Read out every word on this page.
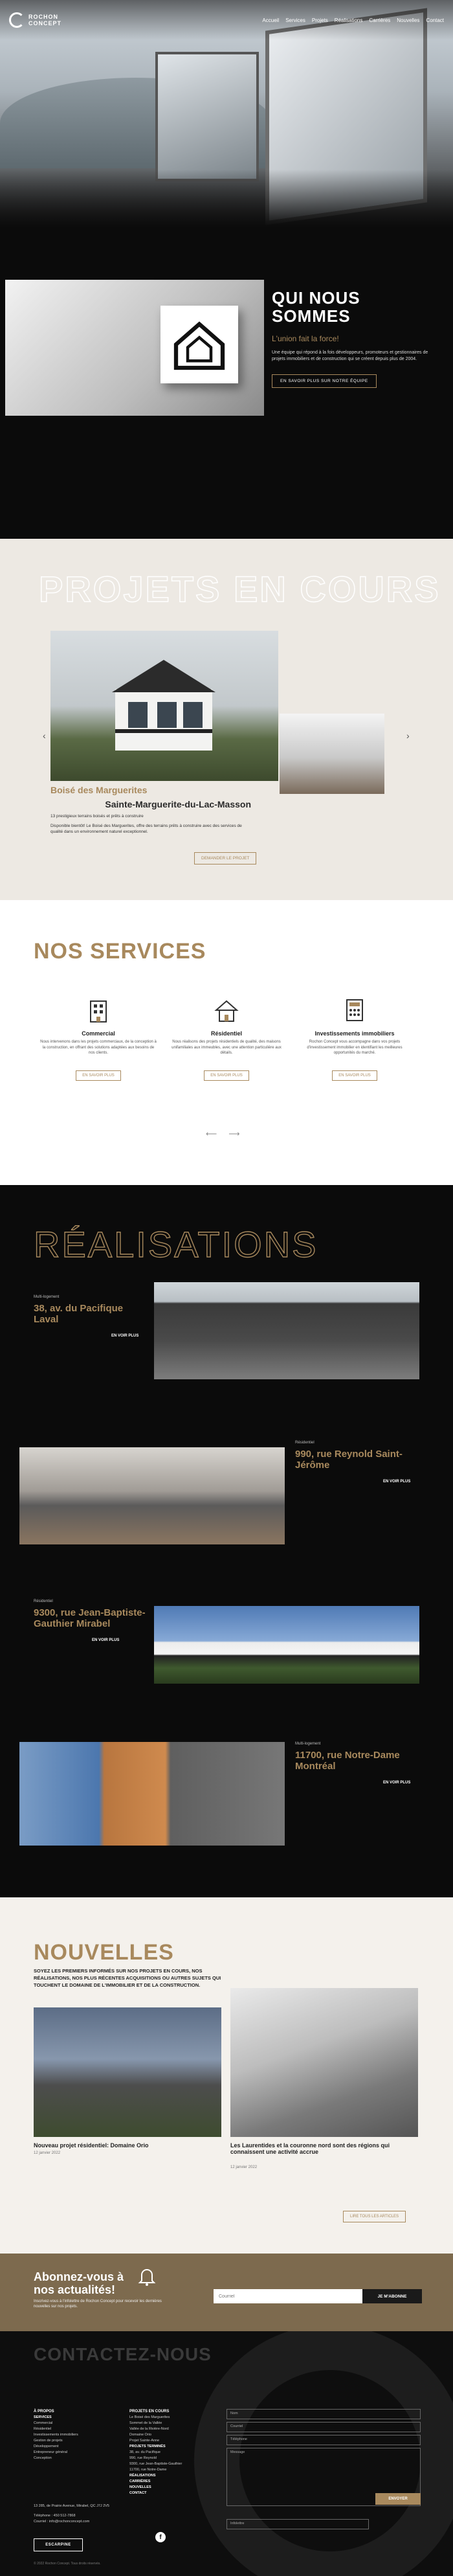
ROCHON
CONCEPT	Accueil Services Projets Réalisations Carrières Nouvelles Contact
QUI NOUS SOMMES
L'union fait la force!

Une équipe qui répond à la fois développeurs, promoteurs et gestionnaires de projets immobiliers et de construction qui se créent depuis plus de 2004.

EN SAVOIR PLUS SUR NOTRE ÉQUIPE
PROJETS EN COURS
‹	›
Boisé des Marguerites
Sainte-Marguerite-du-Lac-Masson

13 prestigieux terrains boisés et prêts à construire

Disponible bientôt! Le Boisé des Marguerites, offre des terrains prêts à construire avec des services de qualité dans un environnement naturel exceptionnel.

DEMANDER LE PROJET
NOS SERVICES
Commercial

Nous intervenons dans les projets commerciaux, de la conception à la construction, en offrant des solutions adaptées aux besoins de nos clients.

EN SAVOIR PLUS
Résidentiel

Nous réalisons des projets résidentiels de qualité, des maisons unifamiliales aux immeubles, avec une attention particulière aux détails.

EN SAVOIR PLUS
Investissements immobiliers

Rochon Concept vous accompagne dans vos projets d'investissement immobilier en identifiant les meilleures opportunités du marché.

EN SAVOIR PLUS
⟵ ⟶
RÉALISATIONS
Multi-logement
38, av. du Pacifique Laval
EN VOIR PLUS
Résidentiel
990, rue Reynold Saint-Jérôme
EN VOIR PLUS
Résidentiel
9300, rue Jean-Baptiste-Gauthier Mirabel
EN VOIR PLUS
Multi-logement
11700, rue Notre-Dame Montréal
EN VOIR PLUS
NOUVELLES

SOYEZ LES PREMIERS INFORMÉS SUR NOS PROJETS EN COURS, NOS RÉALISATIONS, NOS PLUS RÉCENTES ACQUISITIONS OU AUTRES SUJETS QUI TOUCHENT LE DOMAINE DE L'IMMOBILIER ET DE LA CONSTRUCTION.

Nouveau projet résidentiel: Domaine Orio
12 janvier 2022
Les Laurentides et la couronne nord sont des régions qui connaissent une activité accrue
12 janvier 2022
LIRE TOUS LES ARTICLES
Abonnez-vous à nos actualités!

Inscrivez-vous à l'infolettre de Rochon Concept pour recevoir les dernières nouvelles sur nos projets.

Courriel
JE M'ABONNE
CONTACTEZ-NOUS
À PROPOS
SERVICES
Commercial
Résidentiel
Investissements immobiliers
Gestion de projets
Développement
Entrepreneur général
Conception
PROJETS EN COURS
Le Boisé des Marguerites
Sommet de la Vallée
Vallée de la Rivière-Nord
Domaine Orio
Projet Sainte-Anne
PROJETS TERMINÉS
38, av. du Pacifique
990, rue Reynold
9300, rue Jean-Baptiste-Gauthier
11700, rue Notre-Dame
RÉALISATIONS
CARRIÈRES
NOUVELLES
CONTACT
13 285, de Prairie Avenue, Mirabel, QC J7J 2V5
Téléphone : 450 512-7868
Courriel : info@rochonconcept.com
Nom
Courriel
Téléphone
Message
Infolettre
ENVOYER
f
ESCARPINE
© 2022 Rochon Concept. Tous droits réservés.
